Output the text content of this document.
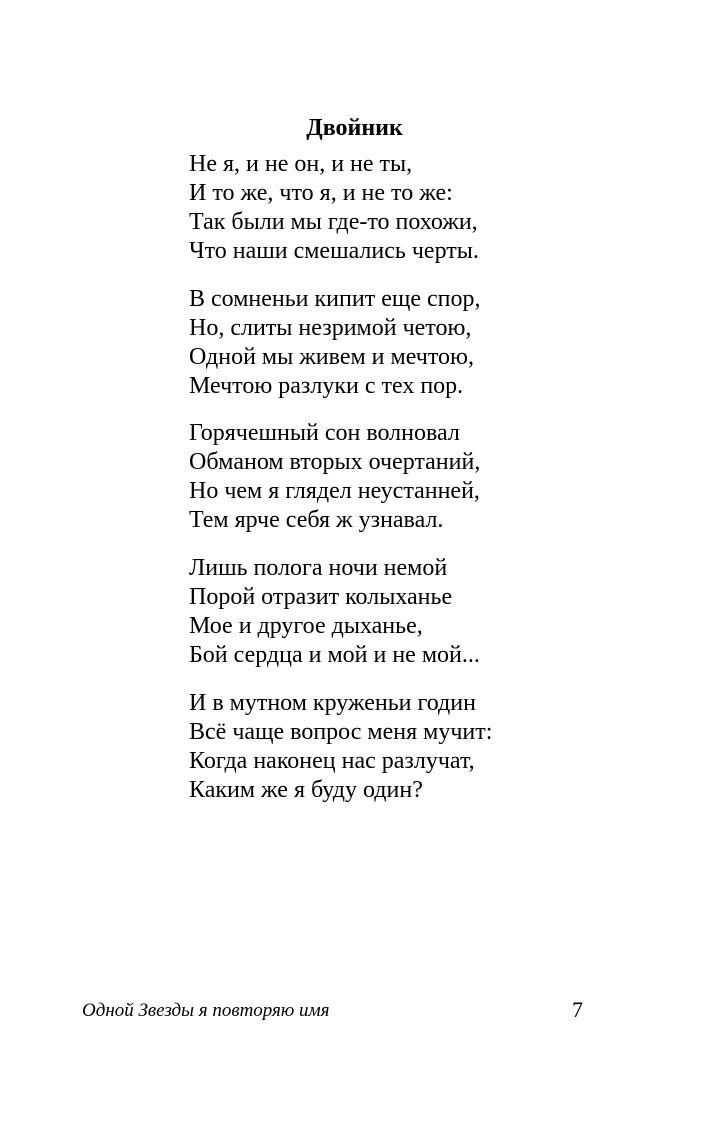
Двойник
Не я, и не он, и не ты,
И то же, что я, и не то же:
Так были мы где-то похожи,
Что наши смешались черты.
В сомненьи кипит еще спор,
Но, слиты незримой четою,
Одной мы живем и мечтою,
Мечтою разлуки с тех пор.
Горячешный сон волновал
Обманом вторых очертаний,
Но чем я глядел неустанней,
Тем ярче себя ж узнавал.
Лишь полога ночи немой
Порой отразит колыханье
Мое и другое дыханье,
Бой сердца и мой и не мой...
И в мутном круженьи годин
Всё чаще вопрос меня мучит:
Когда наконец нас разлучат,
Каким же я буду один?
Одной Звезды я повторяю имя	7
